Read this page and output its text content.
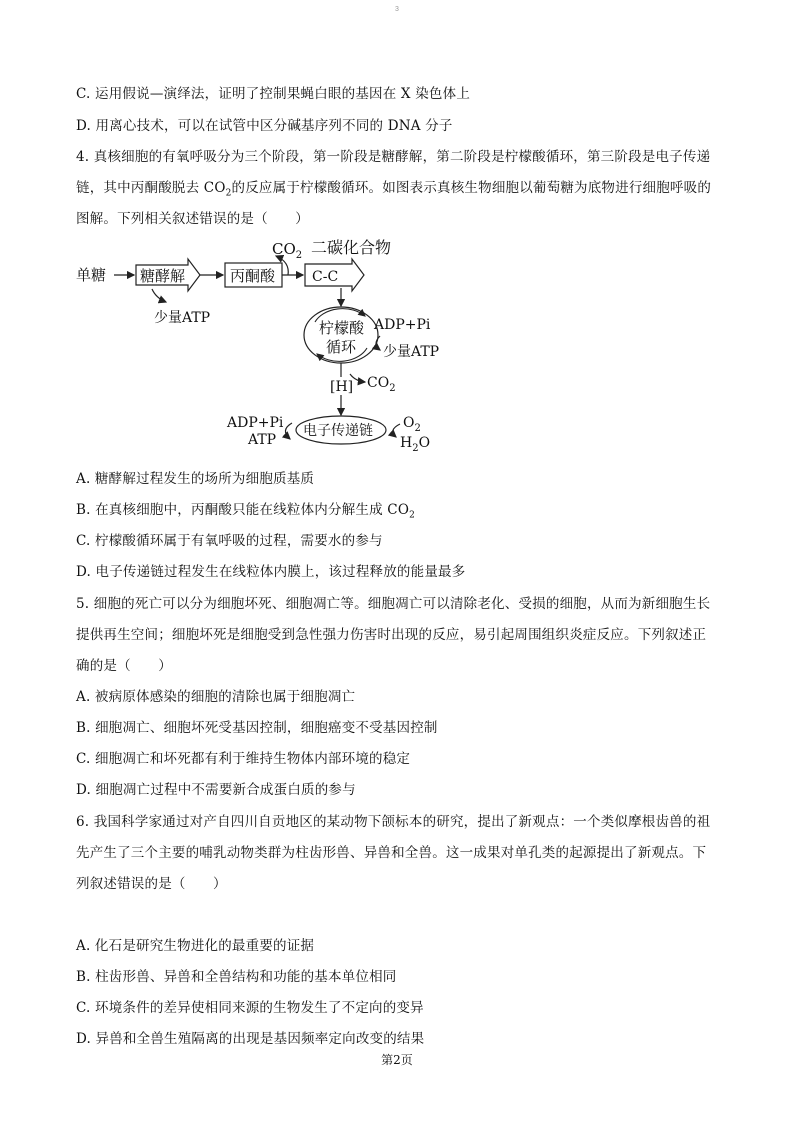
3
C. 运用假说—演绎法，证明了控制果蝇白眼的基因在 X 染色体上
D. 用离心技术，可以在试管中区分碱基序列不同的 DNA 分子
4. 真核细胞的有氧呼吸分为三个阶段，第一阶段是糖酵解，第二阶段是柠檬酸循环，第三阶段是电子传递
链，其中丙酮酸脱去 $CO_2$的反应属于柠檬酸循环。如图表示真核生物细胞以葡萄糖为底物进行细胞呼吸的
图解。下列相关叙述错误的是（　　）
单糖 糖酵解
少量ATP
丙酮酸
$CO_2$ 二碳化合物
C-C
柠檬酸
循环
ADP+Pi
少量ATP
[H] $CO_2$
电子传递链
ADP+Pi
ATP
$O_2$
$H_2O$
A. 糖酵解过程发生的场所为细胞质基质
B. 在真核细胞中，丙酮酸只能在线粒体内分解生成 $CO_2$
C. 柠檬酸循环属于有氧呼吸的过程，需要水的参与
D. 电子传递链过程发生在线粒体内膜上，该过程释放的能量最多
5. 细胞的死亡可以分为细胞坏死、细胞凋亡等。细胞凋亡可以清除老化、受损的细胞，从而为新细胞生长
提供再生空间；细胞坏死是细胞受到急性强力伤害时出现的反应，易引起周围组织炎症反应。下列叙述正
确的是（　　）
A. 被病原体感染的细胞的清除也属于细胞凋亡
B. 细胞凋亡、细胞坏死受基因控制，细胞癌变不受基因控制
C. 细胞凋亡和坏死都有利于维持生物体内部环境的稳定
D. 细胞凋亡过程中不需要新合成蛋白质的参与
6. 我国科学家通过对产自四川自贡地区的某动物下颌标本的研究，提出了新观点：一个类似摩根齿兽的祖
先产生了三个主要的哺乳动物类群为柱齿形兽、异兽和全兽。这一成果对单孔类的起源提出了新观点。下
列叙述错误的是（　　）
A. 化石是研究生物进化的最重要的证据
B. 柱齿形兽、异兽和全兽结构和功能的基本单位相同
C. 环境条件的差异使相同来源的生物发生了不定向的变异
D. 异兽和全兽生殖隔离的出现是基因频率定向改变的结果
第2页
